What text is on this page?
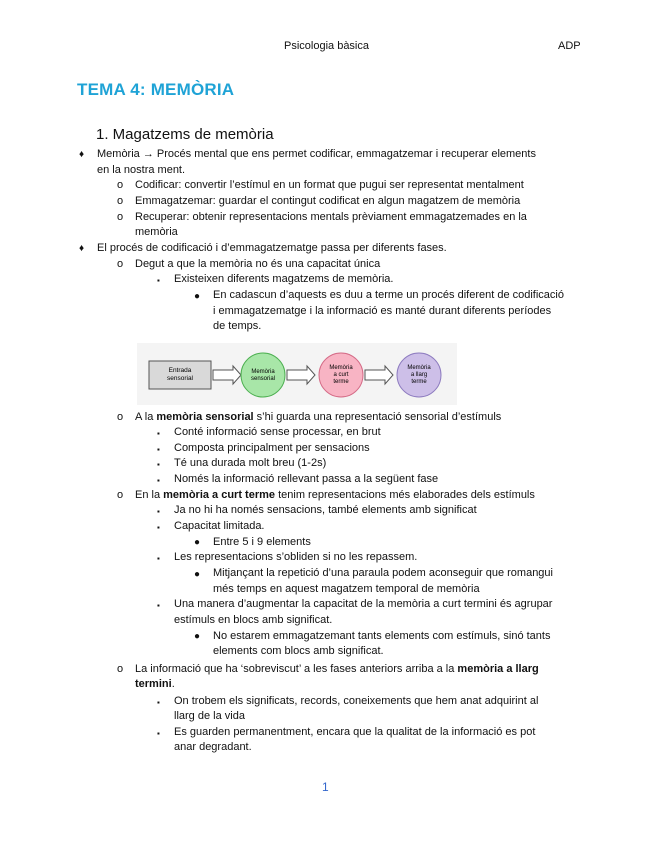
Psicologia bàsica	ADP
TEMA 4: MEMÒRIA
1. Magatzems de memòria
♦ Memòria → Procés mental que ens permet codificar, emmagatzemar i recuperar elements
en la nostra ment.
o Codificar: convertir l’estímul en un format que pugui ser representat mentalment
o Emmagatzemar: guardar el contingut codificat en algun magatzem de memòria
o Recuperar: obtenir representacions mentals prèviament emmagatzemades en la
memòria
♦ El procés de codificació i d’emmagatzematge passa per diferents fases.
o Degut a que la memòria no és una capacitat única
▪ Existeixen diferents magatzems de memòria.
● En cadascun d’aquests es duu a terme un procés diferent de codificació
i emmagatzematge i la informació es manté durant diferents períodes
de temps.
Entrada
sensorial
Memòria
sensorial
Memòria
a curt
terme
Memòria
a llarg
terme
o A la memòria sensorial s’hi guarda una representació sensorial d’estímuls
▪ Conté informació sense processar, en brut
▪ Composta principalment per sensacions
▪ Té una durada molt breu (1-2s)
▪ Només la informació rellevant passa a la següent fase
o En la memòria a curt terme tenim representacions més elaborades dels estímuls
▪ Ja no hi ha només sensacions, també elements amb significat
▪ Capacitat limitada.
● Entre 5 i 9 elements
▪ Les representacions s’obliden si no les repassem.
● Mitjançant la repetició d’una paraula podem aconseguir que romangui
més temps en aquest magatzem temporal de memòria
▪ Una manera d’augmentar la capacitat de la memòria a curt termini és agrupar
estímuls en blocs amb significat.
● No estarem emmagatzemant tants elements com estímuls, sinó tants
elements com blocs amb significat.
o La informació que ha ‘sobreviscut’ a les fases anteriors arriba a la memòria a llarg
termini.
▪ On trobem els significats, records, coneixements que hem anat adquirint al
llarg de la vida
▪ Es guarden permanentment, encara que la qualitat de la informació es pot
anar degradant.
1
